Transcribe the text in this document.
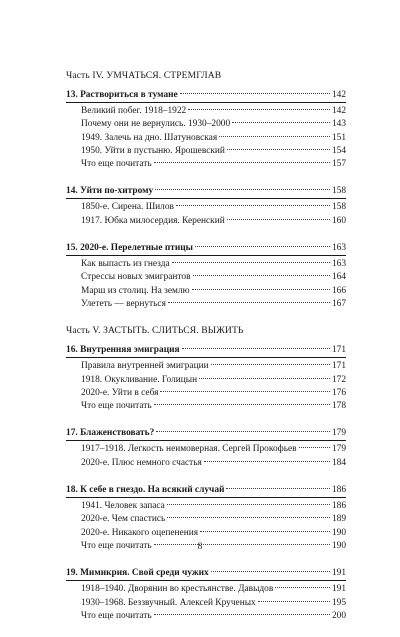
Часть IV. УМЧАТЬСЯ. СТРЕМГЛАВ
13. Раствориться в тумане	142
Великий побег. 1918–1922	142
Почему они не вернулись. 1930–2000	143
1949. Залечь на дно. Шатуновская	151
1950. Уйти в пустыню. Ярошевский	154
Что еще почитать	157
14. Уйти по-хитрому	158
1850-е. Сирена. Шилов	158
1917. Юбка милосердия. Керенский	160
15. 2020-е. Перелетные птицы	163
Как выпасть из гнезда	163
Стрессы новых эмигрантов	164
Марш из столиц. На землю	166
Улететь — вернуться	167
Часть V. ЗАСТЫТЬ. СЛИТЬСЯ. ВЫЖИТЬ
16. Внутренняя эмиграция	171
Правила внутренней эмиграции	171
1918. Окукливание. Голицын	172
2020-е. Уйти в себя	176
Что еще почитать	178
17. Блаженствовать?	179
1917–1918. Легкость неимоверная. Сергей Прокофьев	179
2020-е. Плюс немного счастья	184
18. К себе в гнездо. На всякий случай	186
1941. Человек запаса	186
2020-е. Чем спастись	189
2020-е. Никакого оцепенения	190
Что еще почитать	190
19. Мимикрия. Свой среди чужих	191
1918–1940. Дворянин во крестьянстве. Давыдов	191
1930–1968. Беззвучный. Алексей Крученых	195
Что еще почитать	200
8
